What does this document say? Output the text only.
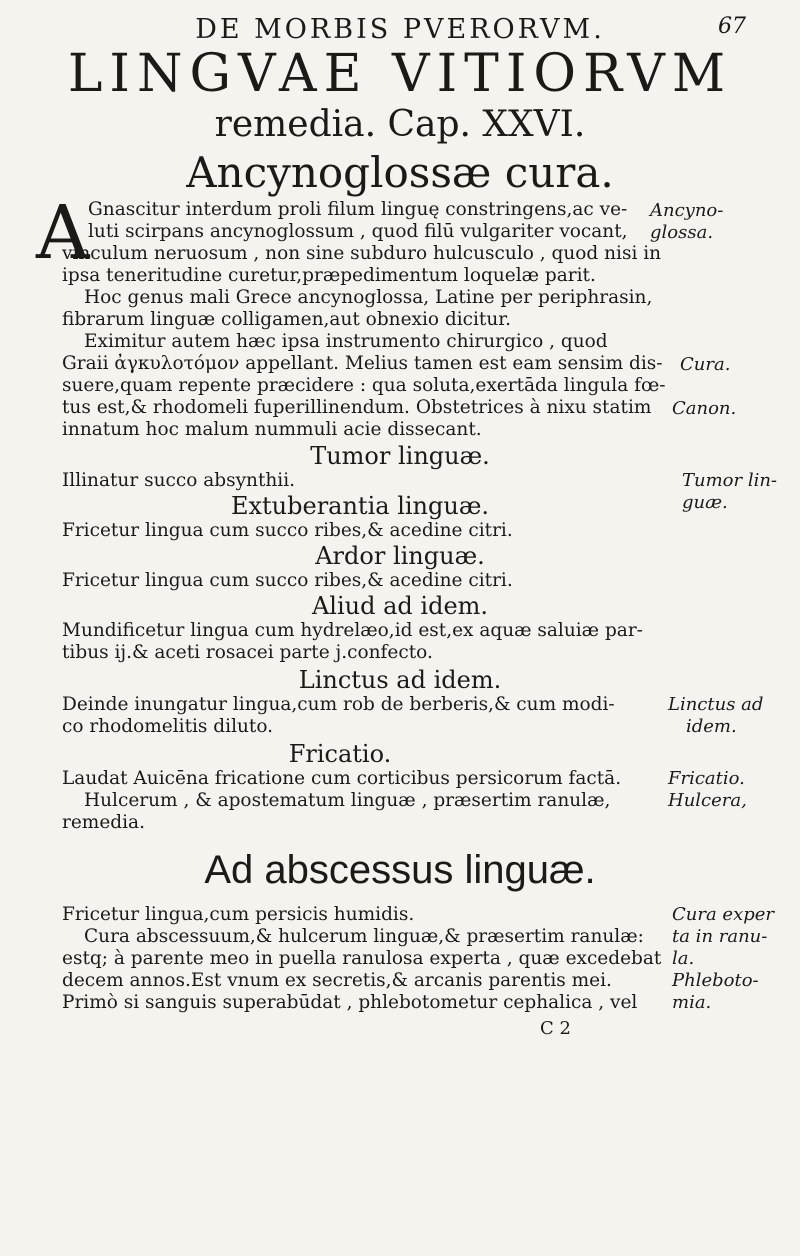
DE MORBIS PVERORVM.	67
LINGVAE VITIORVM
remedia. Cap. XXVI.
Ancynoglossæ cura.
A
Gnascitur interdum proli filum linguę constringens,ac ve-
luti scirpans ancynoglossum , quod filū vulgariter vocant,
vinculum neruosum , non sine subduro hulcusculo , quod nisi in
ipsa teneritudine curetur,præpedimentum loquelæ parit.
Hoc genus mali Grece ancynoglossa, Latine per periphrasin,
fibrarum linguæ colligamen,aut obnexio dicitur.
Eximitur autem hæc ipsa instrumento chirurgico , quod
Graii ἀγκυλοτόμον appellant. Melius tamen est eam sensim dis-
suere,quam repente præcidere : qua soluta,exertāda lingula fœ-
tus est,& rhodomeli fuperillinendum. Obstetrices à nixu statim
innatum hoc malum nummuli acie dissecant.
Ancyno-
glossa.
Cura.
Canon.
Tumor linguæ.
Illinatur succo absynthii.	Tumor lin-
guæ.
Extuberantia linguæ.
Fricetur lingua cum succo ribes,& acedine citri.
Ardor linguæ.
Fricetur lingua cum succo ribes,& acedine citri.
Aliud ad idem.
Mundificetur lingua cum hydrelæo,id est,ex aquæ saluiæ par-
tibus ij.& aceti rosacei parte j.confecto.
Linctus ad idem.
Deinde inungatur lingua,cum rob de berberis,& cum modi-
co rhodomelitis diluto.
Linctus ad
idem.
Fricatio.
Laudat Auicēna fricatione cum corticibus persicorum factā.
Hulcerum , & apostematum linguæ , præsertim ranulæ,
remedia.
Fricatio.
Hulcera,
Ad abscessus linguæ.
Fricetur lingua,cum persicis humidis.
Cura abscessuum,& hulcerum linguæ,& præsertim ranulæ:
estq; à parente meo in puella ranulosa experta , quæ excedebat
decem annos.Est vnum ex secretis,& arcanis parentis mei.
Primò si sanguis superabūdat , phlebotometur cephalica , vel
Cura exper
ta in ranu-
la.
Phleboto-
mia.
C 2
